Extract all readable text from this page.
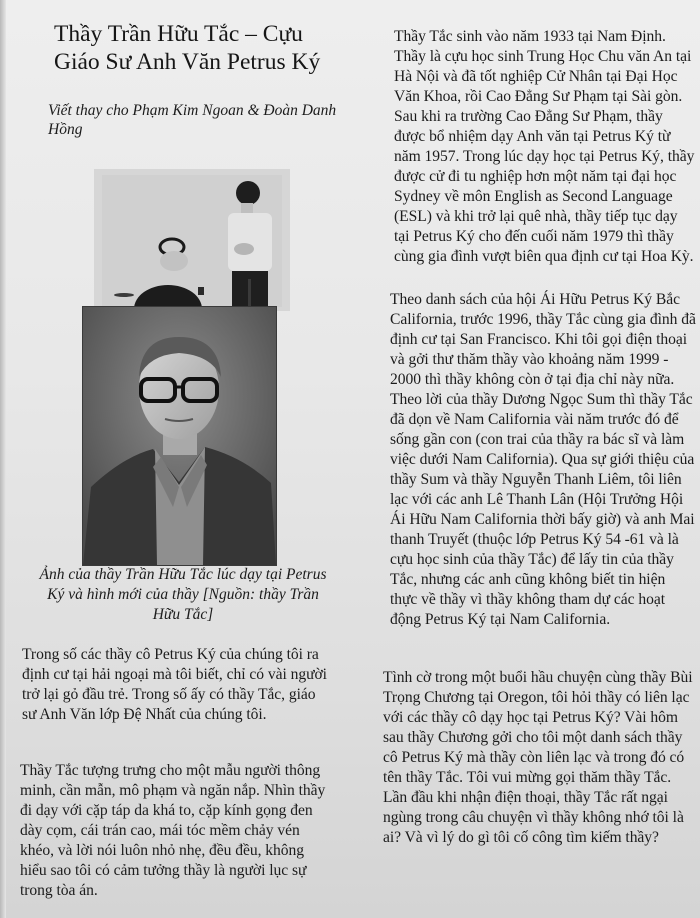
Thầy Trần Hữu Tắc – Cựu
Giáo Sư Anh Văn Petrus Ký

Viết thay cho Phạm Kim Ngoan & Đoàn Danh Hồng

Ảnh của thầy Trần Hữu Tắc lúc dạy tại Petrus Ký và hình mới của thầy [Nguồn: thầy Trần Hữu Tắc]

Trong số các thầy cô Petrus Ký của chúng tôi ra định cư tại hải ngoại mà tôi biết, chỉ có vài người trở lại gỏ đầu trẻ. Trong số ấy có thầy Tắc, giáo sư Anh Văn lớp Đệ Nhất của chúng tôi.

Thầy Tắc tượng trưng cho một mẫu người thông minh, cần mẫn, mô phạm và ngăn nắp. Nhìn thầy đi dạy với cặp táp da khá to, cặp kính gọng đen dày cọm, cái trán cao, mái tóc mềm chảy vén khéo, và lời nói luôn nhỏ nhẹ, đều đều, không hiểu sao tôi có cảm tưởng thầy là người lục sự trong tòa án.

Thầy Tắc sinh vào năm 1933 tại Nam Định. Thầy là cựu học sinh Trung Học Chu văn An tại Hà Nội và đã tốt nghiệp Cử Nhân tại Đại Học Văn Khoa, rồi Cao Đẳng Sư Phạm tại Sài gòn. Sau khi ra trường Cao Đẳng Sư Phạm, thầy được bổ nhiệm dạy Anh văn tại Petrus Ký từ năm 1957. Trong lúc dạy học tại Petrus Ký, thầy được cử đi tu nghiệp hơn một năm tại đại học Sydney về môn English as Second Language (ESL) và khi trở lại quê nhà, thầy tiếp tục dạy tại Petrus Ký cho đến cuối năm 1979 thì thầy cùng gia đình vượt biên qua định cư tại Hoa Kỳ.

Theo danh sách của hội Ái Hữu Petrus Ký Bắc California, trước 1996, thầy Tắc cùng gia đình đã định cư tại San Francisco. Khi tôi gọi điện thoại và gởi thư thăm thầy vào khoảng năm 1999 - 2000 thì thầy không còn ở tại địa chỉ này nữa. Theo lời của thầy Dương Ngọc Sum thì thầy Tắc đã dọn về Nam California vài năm trước đó để sống gần con (con trai của thầy ra bác sĩ và làm việc dưới Nam California). Qua sự giới thiệu của thầy Sum và thầy Nguyễn Thanh Liêm, tôi liên lạc với các anh Lê Thanh Lân (Hội Trưởng Hội Ái Hữu Nam California thời bấy giờ) và anh Mai thanh Truyết (thuộc lớp Petrus Ký 54 -61 và là cựu học sinh của thầy Tắc) để lấy tin của thầy Tắc, nhưng các anh cũng không biết tin hiện thực về thầy vì thầy không tham dự các hoạt động Petrus Ký tại Nam California.

Tình cờ trong một buổi hầu chuyện cùng thầy Bùi Trọng Chương tại Oregon, tôi hỏi thầy có liên lạc với các thầy cô dạy học tại Petrus Ký? Vài hôm sau thầy Chương gởi cho tôi một danh sách thầy cô Petrus Ký mà thầy còn liên lạc và trong đó có tên thầy Tắc. Tôi vui mừng gọi thăm thầy Tắc. Lần đầu khi nhận điện thoại, thầy Tắc rất ngại ngùng trong câu chuyện vì thầy không nhớ tôi là ai? Và vì lý do gì tôi cố công tìm kiếm thầy?
